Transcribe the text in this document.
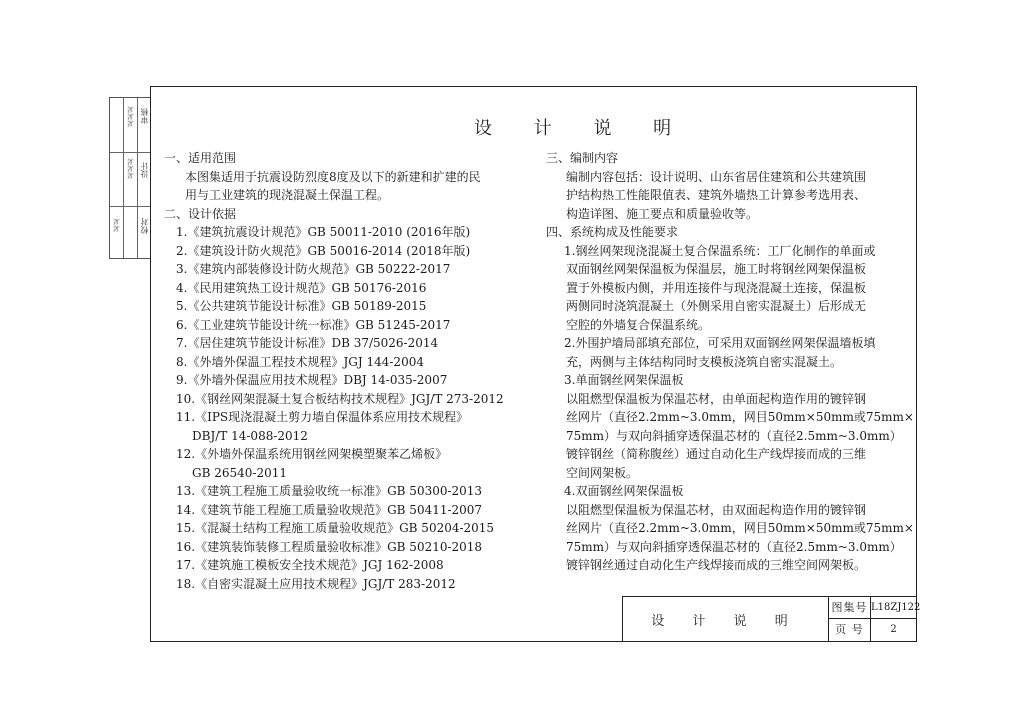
校对
设计
审核
某某
某某某
某某某
设 计 说 明
一、适用范围
本图集适用于抗震设防烈度8度及以下的新建和扩建的民
用与工业建筑的现浇混凝土保温工程。
二、设计依据
1.《建筑抗震设计规范》GB 50011-2010 (2016年版)
2.《建筑设计防火规范》GB 50016-2014 (2018年版)
3.《建筑内部装修设计防火规范》GB 50222-2017
4.《民用建筑热工设计规范》GB 50176-2016
5.《公共建筑节能设计标准》GB 50189-2015
6.《工业建筑节能设计统一标准》GB 51245-2017
7.《居住建筑节能设计标准》DB 37/5026-2014
8.《外墙外保温工程技术规程》JGJ 144-2004
9.《外墙外保温应用技术规程》DBJ 14-035-2007
10.《钢丝网架混凝土复合板结构技术规程》JGJ/T 273-2012
11.《IPS现浇混凝土剪力墙自保温体系应用技术规程》
DBJ/T 14-088-2012
12.《外墙外保温系统用钢丝网架模塑聚苯乙烯板》
GB 26540-2011
13.《建筑工程施工质量验收统一标准》GB 50300-2013
14.《建筑节能工程施工质量验收规范》GB 50411-2007
15.《混凝土结构工程施工质量验收规范》GB 50204-2015
16.《建筑装饰装修工程质量验收标准》GB 50210-2018
17.《建筑施工模板安全技术规范》JGJ 162-2008
18.《自密实混凝土应用技术规程》JGJ/T 283-2012
三、编制内容
编制内容包括：设计说明、山东省居住建筑和公共建筑围
护结构热工性能限值表、建筑外墙热工计算参考选用表、
构造详图、施工要点和质量验收等。
四、系统构成及性能要求
1.钢丝网架现浇混凝土复合保温系统：工厂化制作的单面或
双面钢丝网架保温板为保温层，施工时将钢丝网架保温板
置于外模板内侧，并用连接件与现浇混凝土连接，保温板
两侧同时浇筑混凝土（外侧采用自密实混凝土）后形成无
空腔的外墙复合保温系统。
2.外围护墙局部填充部位，可采用双面钢丝网架保温墙板填
充，两侧与主体结构同时支模板浇筑自密实混凝土。
3.单面钢丝网架保温板
以阻燃型保温板为保温芯材，由单面起构造作用的镀锌钢
丝网片（直径2.2mm~3.0mm，网目50mm×50mm或75mm×
75mm）与双向斜插穿透保温芯材的（直径2.5mm~3.0mm）
镀锌钢丝（简称腹丝）通过自动化生产线焊接而成的三维
空间网架板。
4.双面钢丝网架保温板
以阻燃型保温板为保温芯材，由双面起构造作用的镀锌钢
丝网片（直径2.2mm~3.0mm，网目50mm×50mm或75mm×
75mm）与双向斜插穿透保温芯材的（直径2.5mm~3.0mm）
镀锌钢丝通过自动化生产线焊接而成的三维空间网架板。
设 计 说 明
图集号 L18ZJ122
页 号	2
